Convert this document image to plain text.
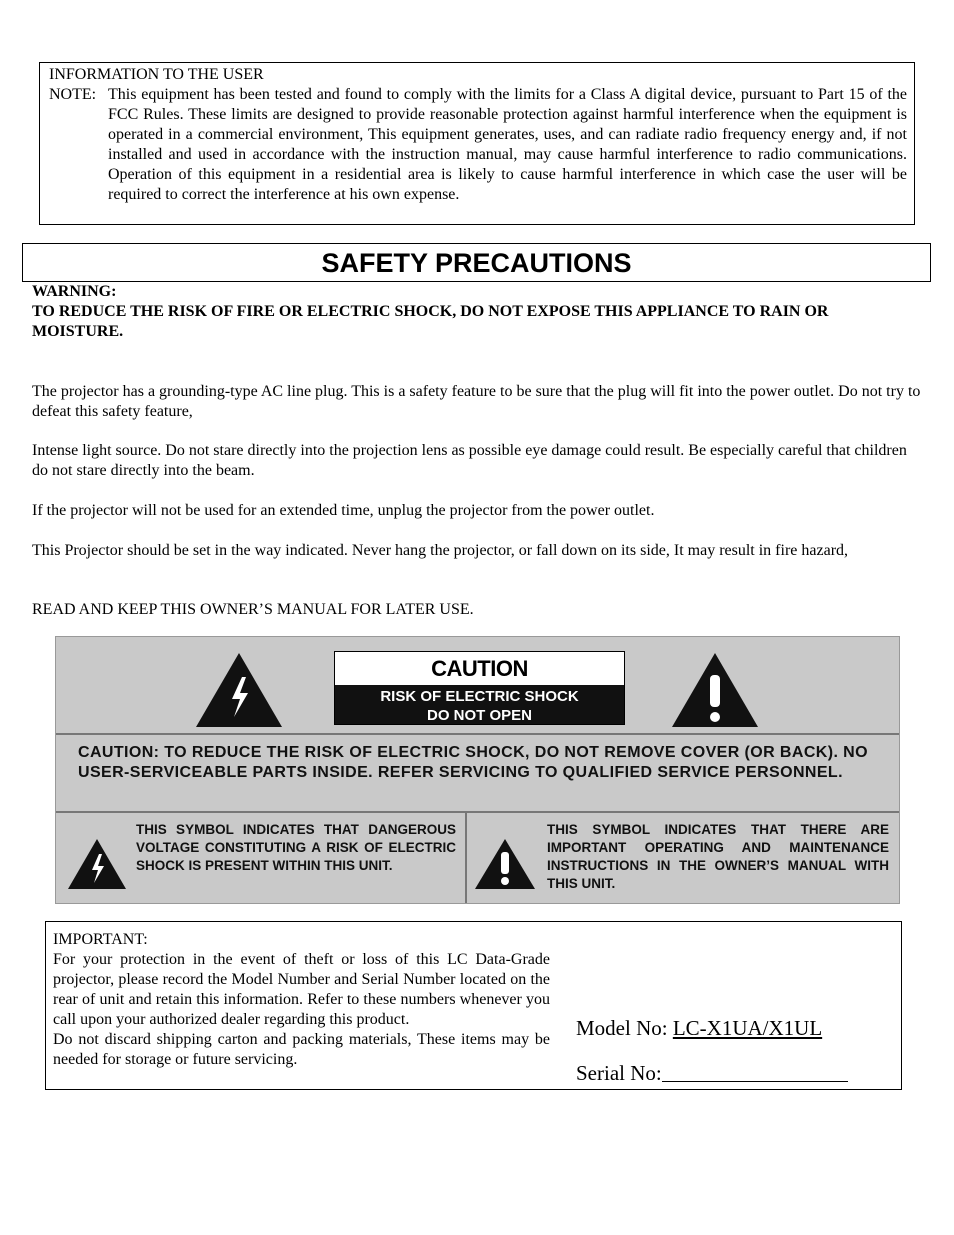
INFORMATION TO THE USER
NOTE: This equipment has been tested and found to comply with the limits for a Class A digital device, pursuant to Part 15 of the FCC Rules. These limits are designed to provide reasonable protection against harmful interference when the equipment is operated in a commercial environment, This equipment generates, uses, and can radiate radio frequency energy and, if not installed and used in accordance with the instruction manual, may cause harmful interference to radio communications. Operation of this equipment in a residential area is likely to cause harmful interference in which case the user will be required to correct the interference at his own expense.
SAFETY PRECAUTIONS
WARNING:
TO REDUCE THE RISK OF FIRE OR ELECTRIC SHOCK, DO NOT EXPOSE THIS APPLIANCE TO RAIN OR
MOISTURE.
The projector has a grounding-type AC line plug. This is a safety feature to be sure that the plug will fit into the power outlet. Do not try to defeat this safety feature,
Intense light source. Do not stare directly into the projection lens as possible eye damage could result. Be especially careful that children do not stare directly into the beam.
If the projector will not be used for an extended time, unplug the projector from the power outlet.
This Projector should be set in the way indicated. Never hang the projector, or fall down on its side, It may result in fire hazard,
READ AND KEEP THIS OWNER’S MANUAL FOR LATER USE.
CAUTION
RISK OF ELECTRIC SHOCK
DO NOT OPEN
CAUTION: TO REDUCE THE RISK OF ELECTRIC SHOCK, DO NOT REMOVE COVER (OR BACK). NO USER-SERVICEABLE PARTS INSIDE. REFER SERVICING TO QUALIFIED SERVICE PERSONNEL.
THIS SYMBOL INDICATES THAT DANGEROUS VOLTAGE CONSTITUTING A RISK OF ELECTRIC SHOCK IS PRESENT WITHIN THIS UNIT.
THIS SYMBOL INDICATES THAT THERE ARE IMPORTANT OPERATING AND MAINTENANCE INSTRUCTIONS IN THE OWNER’S MANUAL WITH THIS UNIT.
IMPORTANT:
For your protection in the event of theft or loss of this LC Data-Grade projector, please record the Model Number and Serial Number located on the rear of unit and retain this information. Refer to these numbers whenever you call upon your authorized dealer regarding this product.
Do not discard shipping carton and packing materials, These items may be needed for storage or future servicing.
Model No: LC-X1UA/X1UL
Serial No:
